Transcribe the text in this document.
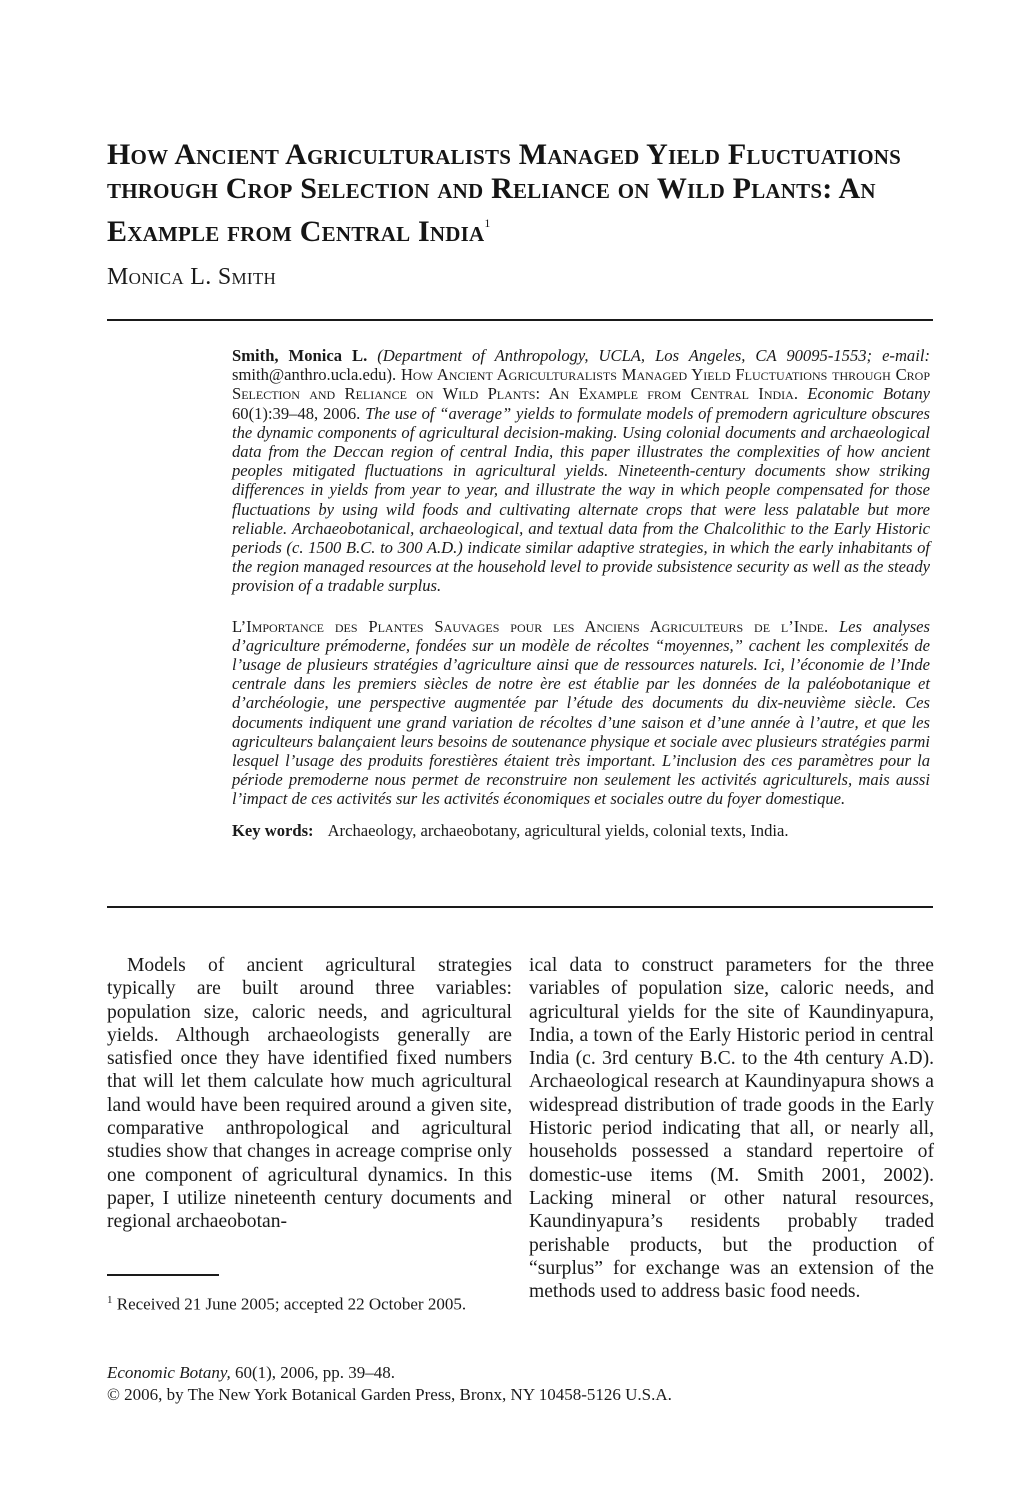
How Ancient Agriculturalists Managed Yield Fluctuations through Crop Selection and Reliance on Wild Plants: An Example from Central India$^1$
Monica L. Smith

Smith, Monica L. (Department of Anthropology, UCLA, Los Angeles, CA 90095-1553; e-mail: smith@anthro.ucla.edu). How Ancient Agriculturalists Managed Yield Fluctuations through Crop Selection and Reliance on Wild Plants: An Example from Central India. Economic Botany 60(1):39–48, 2006. The use of “average” yields to formulate models of premodern agriculture obscures the dynamic components of agricultural decision-making. Using colonial documents and archaeological data from the Deccan region of central India, this paper illustrates the complexities of how ancient peoples mitigated fluctuations in agricultural yields. Nineteenth-century documents show striking differences in yields from year to year, and illustrate the way in which people compensated for those fluctuations by using wild foods and cultivating alternate crops that were less palatable but more reliable. Archaeobotanical, archaeological, and textual data from the Chalcolithic to the Early Historic periods (c. 1500 B.C. to 300 A.D.) indicate similar adaptive strategies, in which the early inhabitants of the region managed resources at the household level to provide subsistence security as well as the steady provision of a tradable surplus.

L’Importance des Plantes Sauvages pour les Anciens Agriculteurs de l’Inde. Les analyses d’agriculture prémoderne, fondées sur un modèle de récoltes “moyennes,” cachent les complexités de l’usage de plusieurs stratégies d’agriculture ainsi que de ressources naturels. Ici, l’économie de l’Inde centrale dans les premiers siècles de notre ère est établie par les données de la paléobotanique et d’archéologie, une perspective augmentée par l’étude des documents du dix-neuvième siècle. Ces documents indiquent une grand variation de récoltes d’une saison et d’une année à l’autre, et que les agriculteurs balançaient leurs besoins de soutenance physique et sociale avec plusieurs stratégies parmi lesquel l’usage des produits forestières étaient très important. L’inclusion des ces paramètres pour la période premoderne nous permet de reconstruire non seulement les activités agriculturels, mais aussi l’impact de ces activités sur les activités économiques et sociales outre du foyer domestique.

Key words: Archaeology, archaeobotany, agricultural yields, colonial texts, India.

Models of ancient agricultural strategies typically are built around three variables: population size, caloric needs, and agricultural yields. Although archaeologists generally are satisfied once they have identified fixed numbers that will let them calculate how much agricultural land would have been required around a given site, comparative anthropological and agricultural studies show that changes in acreage comprise only one component of agricultural dynamics. In this paper, I utilize nineteenth century documents and regional archaeobotan-

ical data to construct parameters for the three variables of population size, caloric needs, and agricultural yields for the site of Kaundinyapura, India, a town of the Early Historic period in central India (c. 3rd century B.C. to the 4th century A.D). Archaeological research at Kaundinyapura shows a widespread distribution of trade goods in the Early Historic period indicating that all, or nearly all, households possessed a standard repertoire of domestic-use items (M. Smith 2001, 2002). Lacking mineral or other natural resources, Kaundinyapura’s residents probably traded perishable products, but the production of “surplus” for exchange was an extension of the methods used to address basic food needs.

$^1$ Received 21 June 2005; accepted 22 October 2005.
Economic Botany, 60(1), 2006, pp. 39–48.
© 2006, by The New York Botanical Garden Press, Bronx, NY 10458-5126 U.S.A.
